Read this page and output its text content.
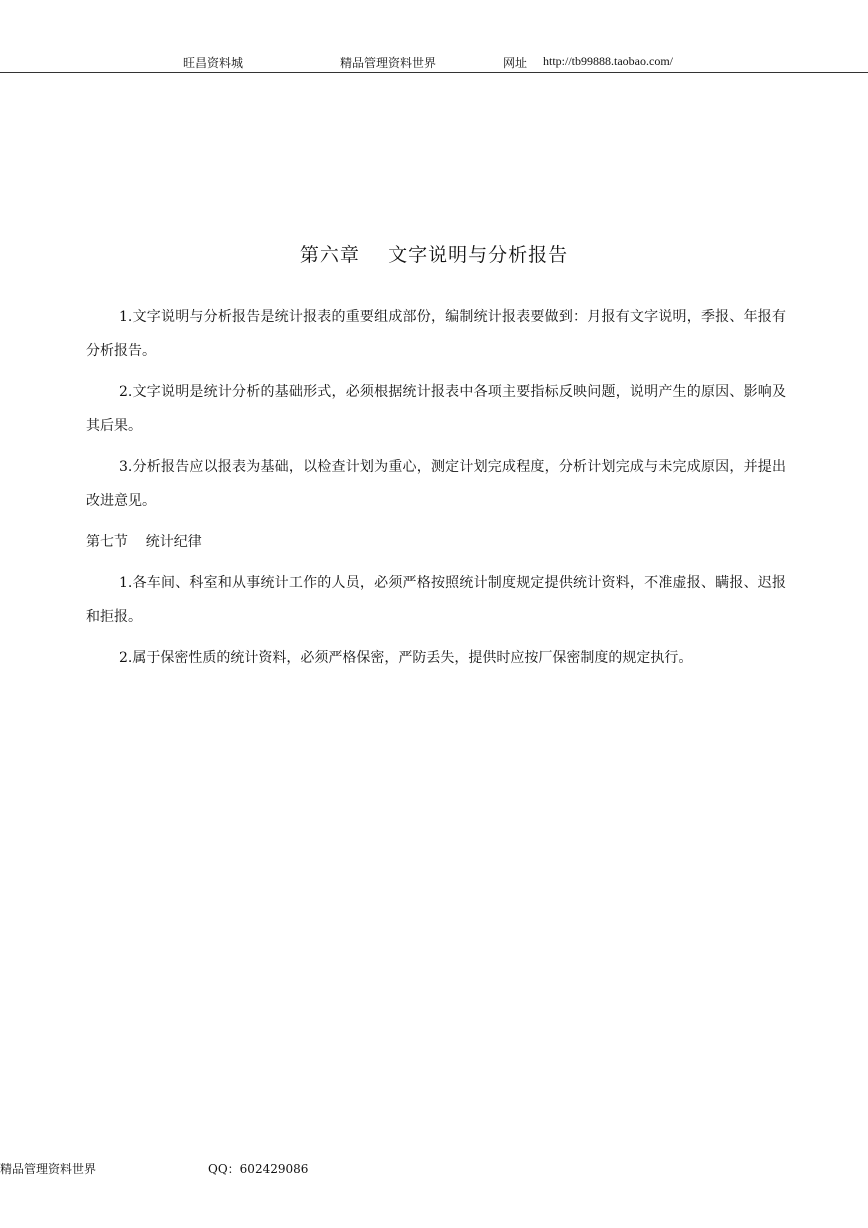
旺昌资料城	精品管理资料世界	网址 http://tb99888.taobao.com/
第六章    文字说明与分析报告

1.文字说明与分析报告是统计报表的重要组成部份，编制统计报表要做到：月报有文字说明，季报、年报有分析报告。

2.文字说明是统计分析的基础形式，必须根据统计报表中各项主要指标反映问题，说明产生的原因、影响及其后果。

3.分析报告应以报表为基础，以检查计划为重心，测定计划完成程度，分析计划完成与未完成原因，并提出改进意见。

第七节    统计纪律

1.各车间、科室和从事统计工作的人员，必须严格按照统计制度规定提供统计资料，不准虚报、瞒报、迟报和拒报。

2.属于保密性质的统计资料，必须严格保密，严防丢失，提供时应按厂保密制度的规定执行。

精品管理资料世界	QQ：602429086
